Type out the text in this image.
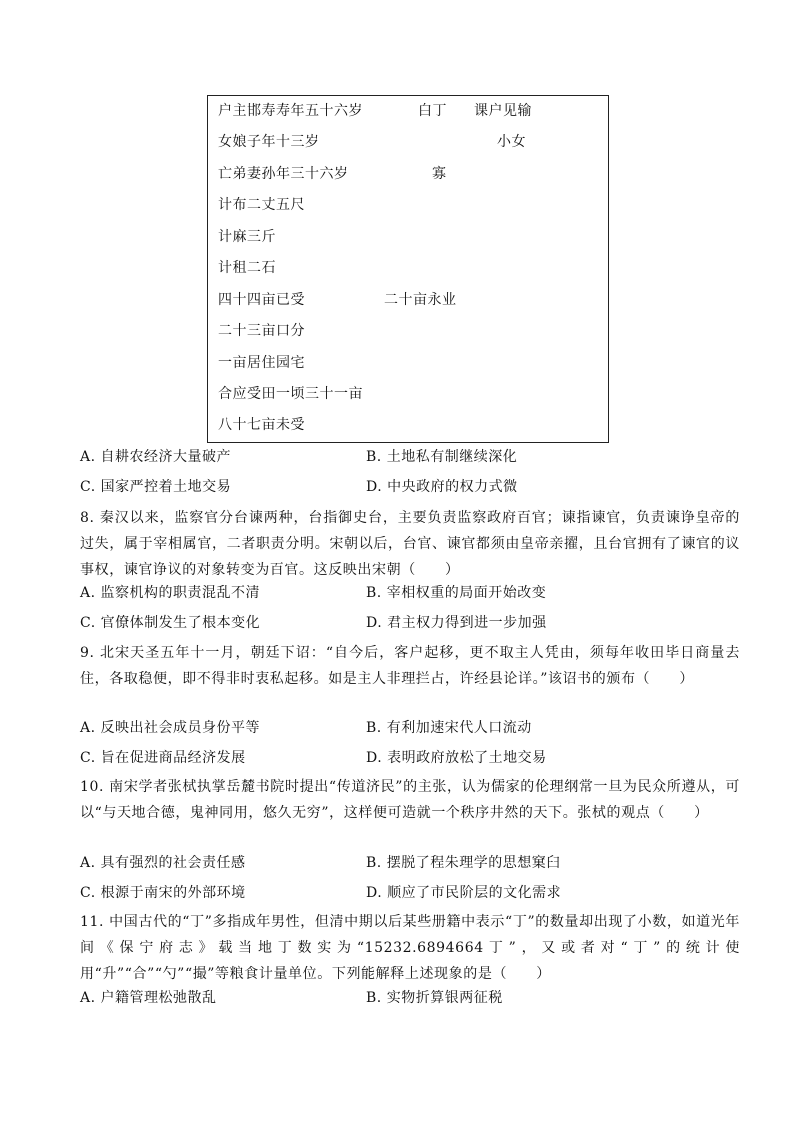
户主邯寿寿年五十六岁	白丁 课户见输
女娘子年十三岁	小女
亡弟妻孙年三十六岁	寡
计布二丈五尺
计麻三斤
计租二石
四十四亩已受	二十亩永业
二十三亩口分
一亩居住园宅
合应受田一顷三十一亩
八十七亩未受
A. 自耕农经济大量破产	B. 土地私有制继续深化
C. 国家严控着土地交易	D. 中央政府的权力式微
8. 秦汉以来，监察官分台谏两种，台指御史台，主要负责监察政府百官；谏指谏官，负责谏诤皇帝的过失，属于宰相属官，二者职责分明。宋朝以后，台官、谏官都须由皇帝亲擢，且台官拥有了谏官的议事权，谏官诤议的对象转变为百官。这反映出宋朝（　　）
A. 监察机构的职责混乱不清	B. 宰相权重的局面开始改变
C. 官僚体制发生了根本变化	D. 君主权力得到进一步加强
9. 北宋天圣五年十一月，朝廷下诏：“自今后，客户起移，更不取主人凭由，须每年收田毕日商量去住，各取稳便，即不得非时衷私起移。如是主人非理拦占，许经县论详。”该诏书的颁布（　　）
A. 反映出社会成员身份平等	B. 有利加速宋代人口流动
C. 旨在促进商品经济发展	D. 表明政府放松了土地交易
10. 南宋学者张栻执掌岳麓书院时提出“传道济民”的主张，认为儒家的伦理纲常一旦为民众所遵从，可以“与天地合德，鬼神同用，悠久无穷”，这样便可造就一个秩序井然的天下。张栻的观点（　　）
A. 具有强烈的社会责任感	B. 摆脱了程朱理学的思想窠臼
C. 根源于南宋的外部环境	D. 顺应了市民阶层的文化需求
11. 中国古代的“丁”多指成年男性，但清中期以后某些册籍中表示“丁”的数量却出现了小数，如道光年间《保宁府志》载当地丁数实为“15232.6894664丁”，又或者对“丁”的统计使用“升”“合”“勺”“撮”等粮食计量单位。下列能解释上述现象的是（　　）
A. 户籍管理松弛散乱	B. 实物折算银两征税
